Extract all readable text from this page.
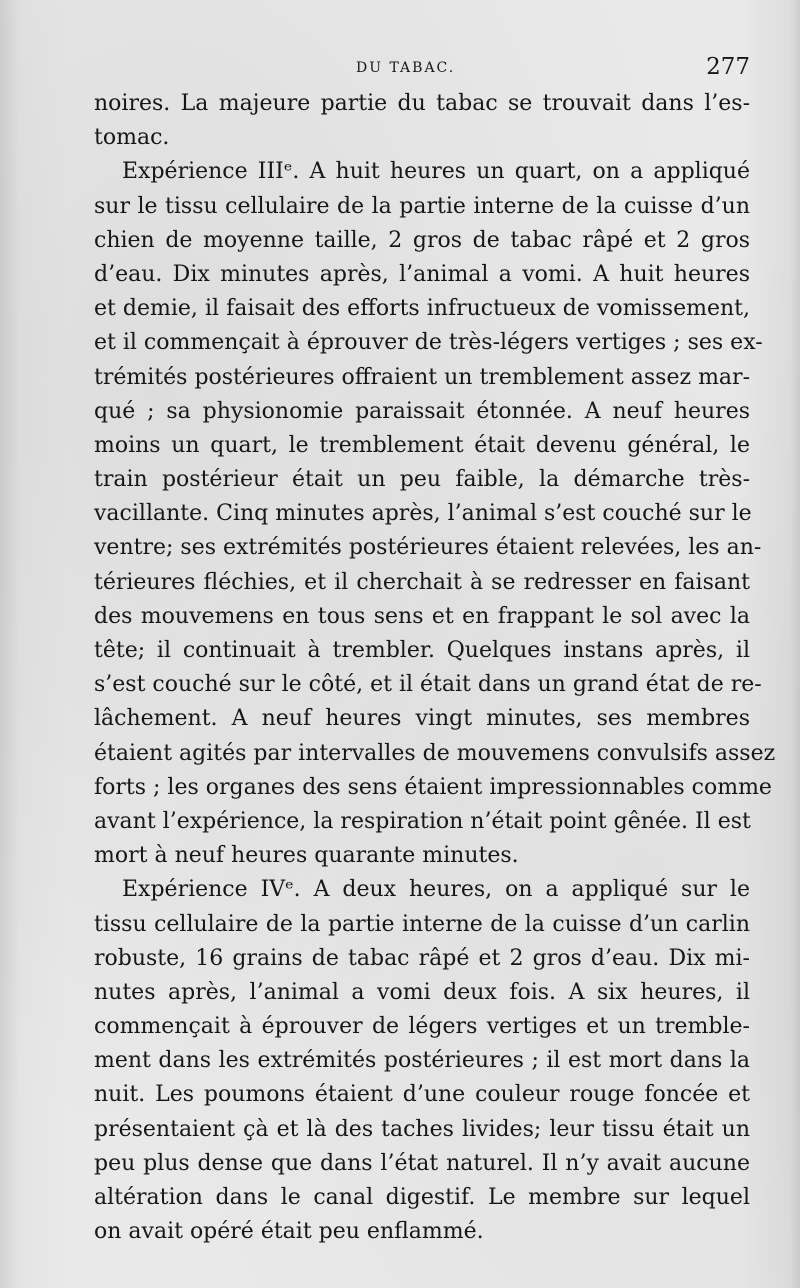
DU TABAC.	277
noires. La majeure partie du tabac se trouvait dans l’es-
tomac.
Expérience IIIᵉ. A huit heures un quart, on a appliqué
sur le tissu cellulaire de la partie interne de la cuisse d’un
chien de moyenne taille, 2 gros de tabac râpé et 2 gros
d’eau. Dix minutes après, l’animal a vomi. A huit heures
et demie, il faisait des efforts infructueux de vomissement,
et il commençait à éprouver de très-légers vertiges ; ses ex-
trémités postérieures offraient un tremblement assez mar-
qué ; sa physionomie paraissait étonnée. A neuf heures
moins un quart, le tremblement était devenu général, le
train postérieur était un peu faible, la démarche très-
vacillante. Cinq minutes après, l’animal s’est couché sur le
ventre; ses extrémités postérieures étaient relevées, les an-
térieures fléchies, et il cherchait à se redresser en faisant
des mouvemens en tous sens et en frappant le sol avec la
tête; il continuait à trembler. Quelques instans après, il
s’est couché sur le côté, et il était dans un grand état de re-
lâchement. A neuf heures vingt minutes, ses membres
étaient agités par intervalles de mouvemens convulsifs assez
forts ; les organes des sens étaient impressionnables comme
avant l’expérience, la respiration n’était point gênée. Il est
mort à neuf heures quarante minutes.
Expérience IVᵉ. A deux heures, on a appliqué sur le
tissu cellulaire de la partie interne de la cuisse d’un carlin
robuste, 16 grains de tabac râpé et 2 gros d’eau. Dix mi-
nutes après, l’animal a vomi deux fois. A six heures, il
commençait à éprouver de légers vertiges et un tremble-
ment dans les extrémités postérieures ; il est mort dans la
nuit. Les poumons étaient d’une couleur rouge foncée et
présentaient çà et là des taches livides; leur tissu était un
peu plus dense que dans l’état naturel. Il n’y avait aucune
altération dans le canal digestif. Le membre sur lequel
on avait opéré était peu enflammé.
